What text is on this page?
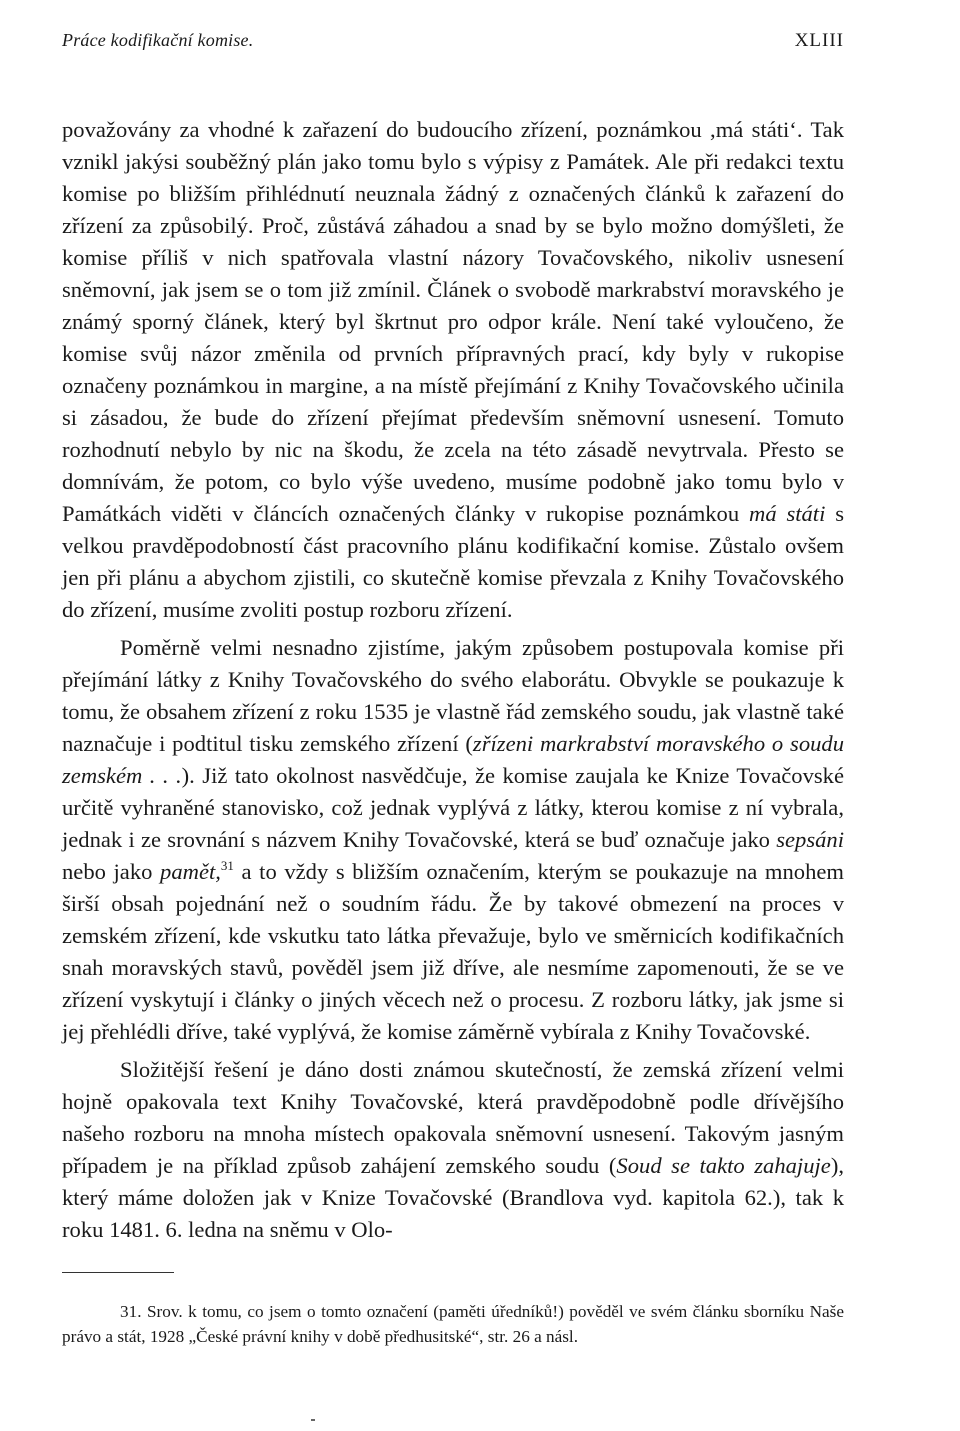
Práce kodifikační komise.	XLIII

považovány za vhodné k zařazení do budoucího zřízení, poznámkou ,má státi‘. Tak vznikl jakýsi souběžný plán jako tomu bylo s výpisy z Památek. Ale při redakci textu komise po bližším přihlédnutí neuznala žádný z označených článků k zařazení do zřízení za způsobilý. Proč, zůstává záhadou a snad by se bylo možno domýšleti, že komise příliš v nich spatřovala vlastní názory Tovačovského, nikoliv usnesení sněmovní, jak jsem se o tom již zmínil. Článek o svobodě markrabství moravského je známý sporný článek, který byl škrtnut pro odpor krále. Není také vyloučeno, že komise svůj názor změnila od prvních přípravných prací, kdy byly v rukopise označeny poznámkou in margine, a na místě přejímání z Knihy Tovačovského učinila si zásadou, že bude do zřízení přejímat především sněmovní usnesení. Tomuto rozhodnutí nebylo by nic na škodu, že zcela na této zásadě nevytrvala. Přesto se domnívám, že potom, co bylo výše uvedeno, musíme podobně jako tomu bylo v Památkách viděti v článcích označených články v rukopise poznámkou má státi s velkou pravděpodobností část pracovního plánu kodifikační komise. Zůstalo ovšem jen při plánu a abychom zjistili, co skutečně komise převzala z Knihy Tovačovského do zřízení, musíme zvoliti postup rozboru zřízení.

Poměrně velmi nesnadno zjistíme, jakým způsobem postupovala komise při přejímání látky z Knihy Tovačovského do svého elaborátu. Obvykle se poukazuje k tomu, že obsahem zřízení z roku 1535 je vlastně řád zemského soudu, jak vlastně také naznačuje i podtitul tisku zemského zřízení (zřízeni markrabství moravského o soudu zemském . . .). Již tato okolnost nasvědčuje, že komise zaujala ke Knize Tovačovské určitě vyhraněné stanovisko, což jednak vyplývá z látky, kterou komise z ní vybrala, jednak i ze srovnání s názvem Knihy Tovačovské, která se buď označuje jako sepsáni nebo jako pamět,$^{31}$ a to vždy s bližším označením, kterým se poukazuje na mnohem širší obsah pojednání než o soudním řádu. Že by takové obmezení na proces v zemském zřízení, kde vskutku tato látka převažuje, bylo ve směrnicích kodifikačních snah moravských stavů, pověděl jsem již dříve, ale nesmíme zapomenouti, že se ve zřízení vyskytují i články o jiných věcech než o procesu. Z rozboru látky, jak jsme si jej přehlédli dříve, také vyplývá, že komise záměrně vybírala z Knihy Tovačovské.

Složitější řešení je dáno dosti známou skutečností, že zemská zřízení velmi hojně opakovala text Knihy Tovačovské, která pravděpodobně podle dřívějšího našeho rozboru na mnoha místech opakovala sněmovní usnesení. Takovým jasným případem je na příklad způsob zahájení zemského soudu (Soud se takto zahajuje), který máme doložen jak v Knize Tovačovské (Brandlova vyd. kapitola 62.), tak k roku 1481. 6. ledna na sněmu v Olo-

31. Srov. k tomu, co jsem o tomto označení (paměti úředníků!) pověděl ve svém článku sborníku Naše právo a stát, 1928 „České právní knihy v době předhusitské“, str. 26 a násl.
